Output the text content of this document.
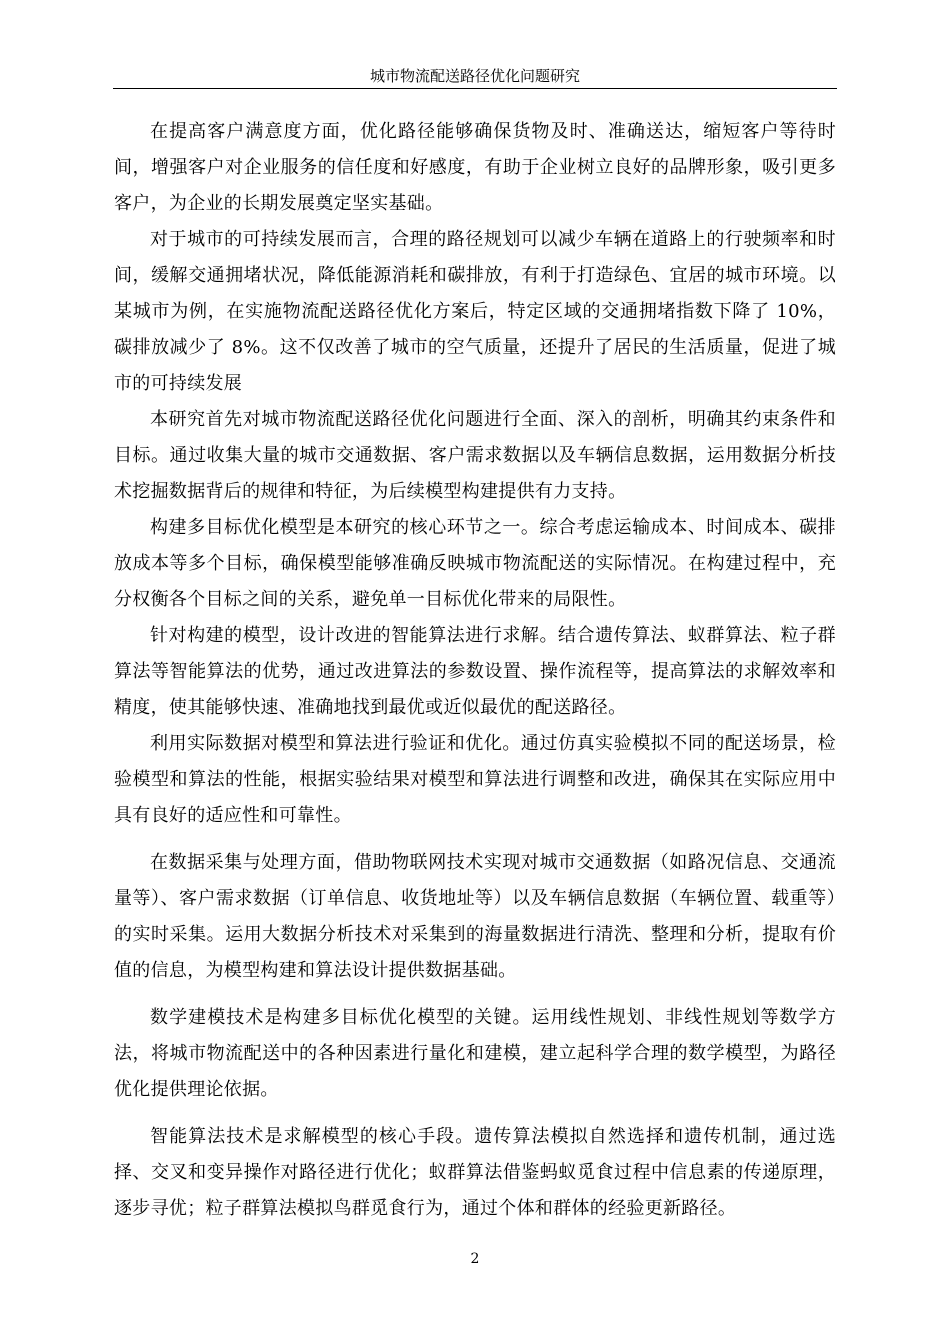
城市物流配送路径优化问题研究

在提高客户满意度方面，优化路径能够确保货物及时、准确送达，缩短客户等待时间，增强客户对企业服务的信任度和好感度，有助于企业树立良好的品牌形象，吸引更多客户，为企业的长期发展奠定坚实基础。

对于城市的可持续发展而言，合理的路径规划可以减少车辆在道路上的行驶频率和时间，缓解交通拥堵状况，降低能源消耗和碳排放，有利于打造绿色、宜居的城市环境。以某城市为例，在实施物流配送路径优化方案后，特定区域的交通拥堵指数下降了 10%，碳排放减少了 8%。这不仅改善了城市的空气质量，还提升了居民的生活质量，促进了城市的可持续发展

本研究首先对城市物流配送路径优化问题进行全面、深入的剖析，明确其约束条件和目标。通过收集大量的城市交通数据、客户需求数据以及车辆信息数据，运用数据分析技术挖掘数据背后的规律和特征，为后续模型构建提供有力支持。

构建多目标优化模型是本研究的核心环节之一。综合考虑运输成本、时间成本、碳排放成本等多个目标，确保模型能够准确反映城市物流配送的实际情况。在构建过程中，充分权衡各个目标之间的关系，避免单一目标优化带来的局限性。

针对构建的模型，设计改进的智能算法进行求解。结合遗传算法、蚁群算法、粒子群算法等智能算法的优势，通过改进算法的参数设置、操作流程等，提高算法的求解效率和精度，使其能够快速、准确地找到最优或近似最优的配送路径。

利用实际数据对模型和算法进行验证和优化。通过仿真实验模拟不同的配送场景，检验模型和算法的性能，根据实验结果对模型和算法进行调整和改进，确保其在实际应用中具有良好的适应性和可靠性。

在数据采集与处理方面，借助物联网技术实现对城市交通数据（如路况信息、交通流量等）、客户需求数据（订单信息、收货地址等）以及车辆信息数据（车辆位置、载重等）的实时采集。运用大数据分析技术对采集到的海量数据进行清洗、整理和分析，提取有价值的信息，为模型构建和算法设计提供数据基础。

数学建模技术是构建多目标优化模型的关键。运用线性规划、非线性规划等数学方法，将城市物流配送中的各种因素进行量化和建模，建立起科学合理的数学模型，为路径优化提供理论依据。

智能算法技术是求解模型的核心手段。遗传算法模拟自然选择和遗传机制，通过选择、交叉和变异操作对路径进行优化；蚁群算法借鉴蚂蚁觅食过程中信息素的传递原理，逐步寻优；粒子群算法模拟鸟群觅食行为，通过个体和群体的经验更新路径。

2
